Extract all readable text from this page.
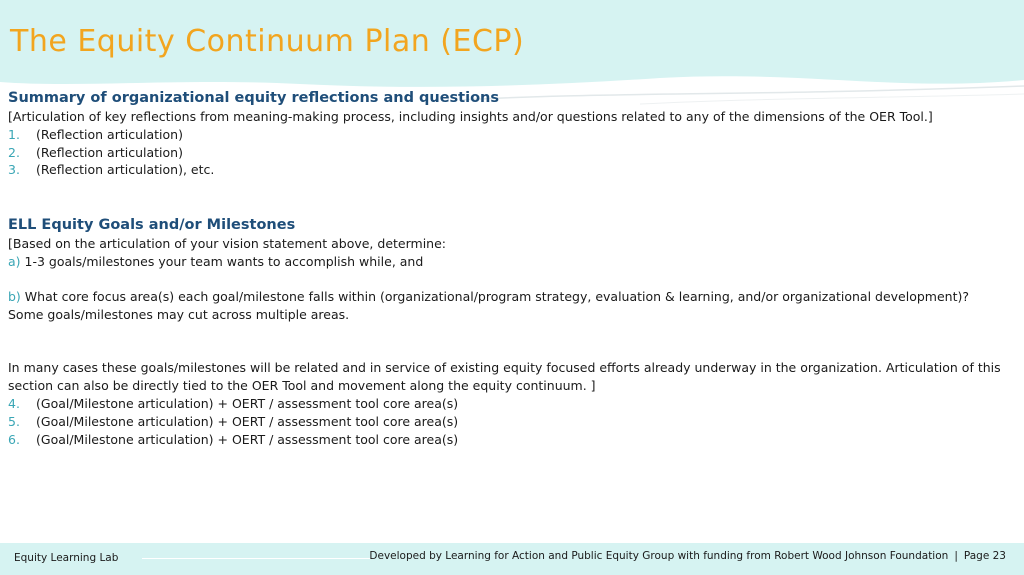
The Equity Continuum Plan (ECP)
Summary of organizational equity reflections and questions
[Articulation of key reflections from meaning-making process, including insights and/or questions related to any of the dimensions of the OER Tool.]
1.	(Reflection articulation)
2.	(Reflection articulation)
3.	(Reflection articulation), etc.
ELL Equity Goals and/or Milestones
[Based on the articulation of your vision statement above, determine:
a) 1-3 goals/milestones your team wants to accomplish while, and
b) What core focus area(s) each goal/milestone falls within (organizational/program strategy, evaluation & learning, and/or organizational development)? Some goals/milestones may cut across multiple areas.
In many cases these goals/milestones will be related and in service of existing equity focused efforts already underway in the organization. Articulation of this section can also be directly tied to the OER Tool and movement along the equity continuum. ]
4.	(Goal/Milestone articulation) + OERT / assessment tool core area(s)
5.	(Goal/Milestone articulation) + OERT / assessment tool core area(s)
6.	(Goal/Milestone articulation) + OERT / assessment tool core area(s)
Equity Learning Lab	Developed by Learning for Action and Public Equity Group with funding from Robert Wood Johnson Foundation | Page 23
